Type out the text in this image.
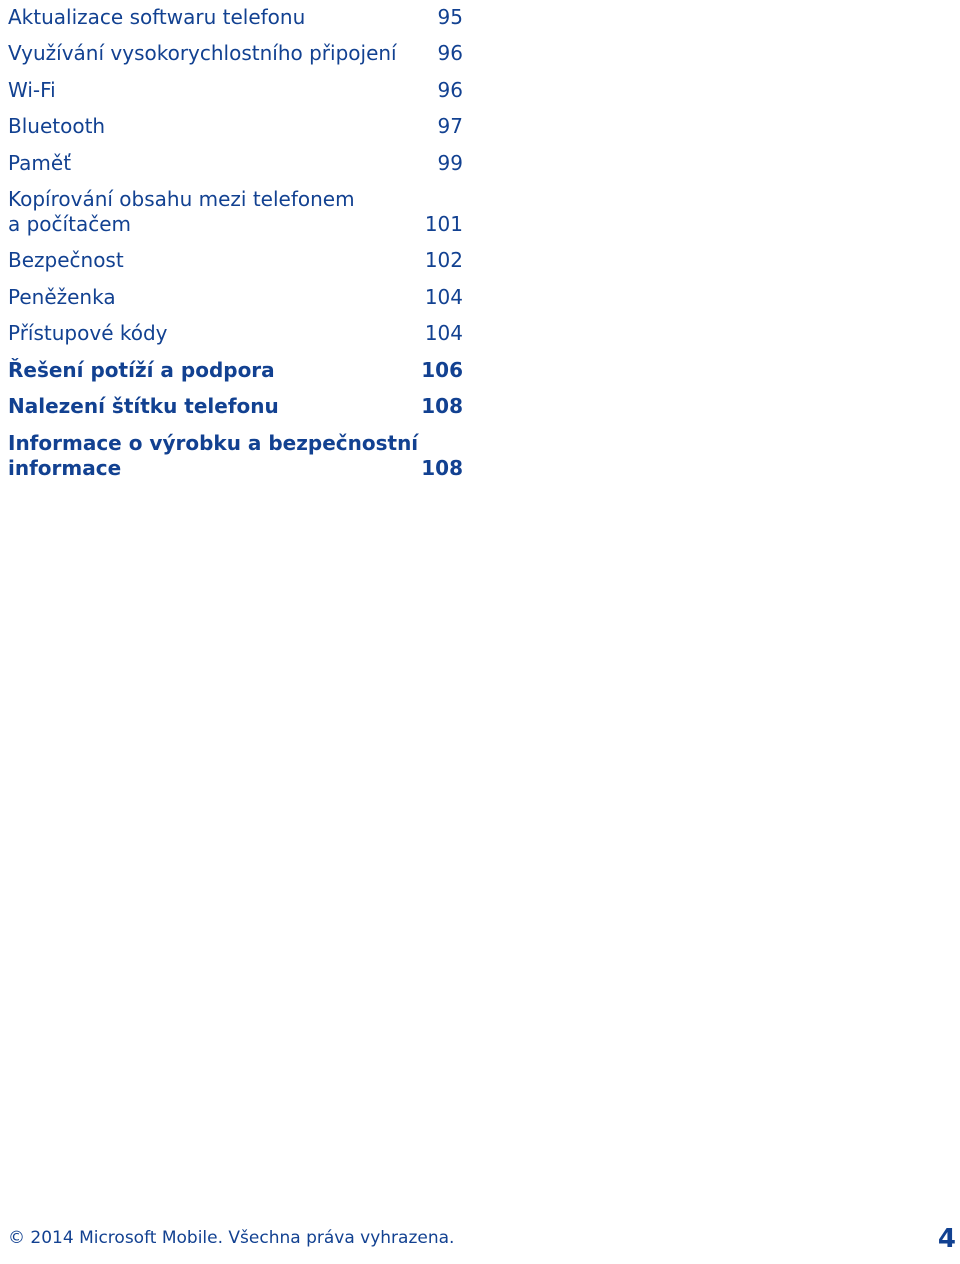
Aktualizace softwaru telefonu	95
Využívání vysokorychlostního připojení 96
Wi-Fi	96
Bluetooth	97
Paměť	99
Kopírování obsahu mezi telefonem
a počítačem	101
Bezpečnost	102
Peněženka	104
Přístupové kódy	104
Řešení potíží a podpora	106
Nalezení štítku telefonu	108
Informace o výrobku a bezpečnostní
informace	108
© 2014 Microsoft Mobile. Všechna práva vyhrazena.	4
